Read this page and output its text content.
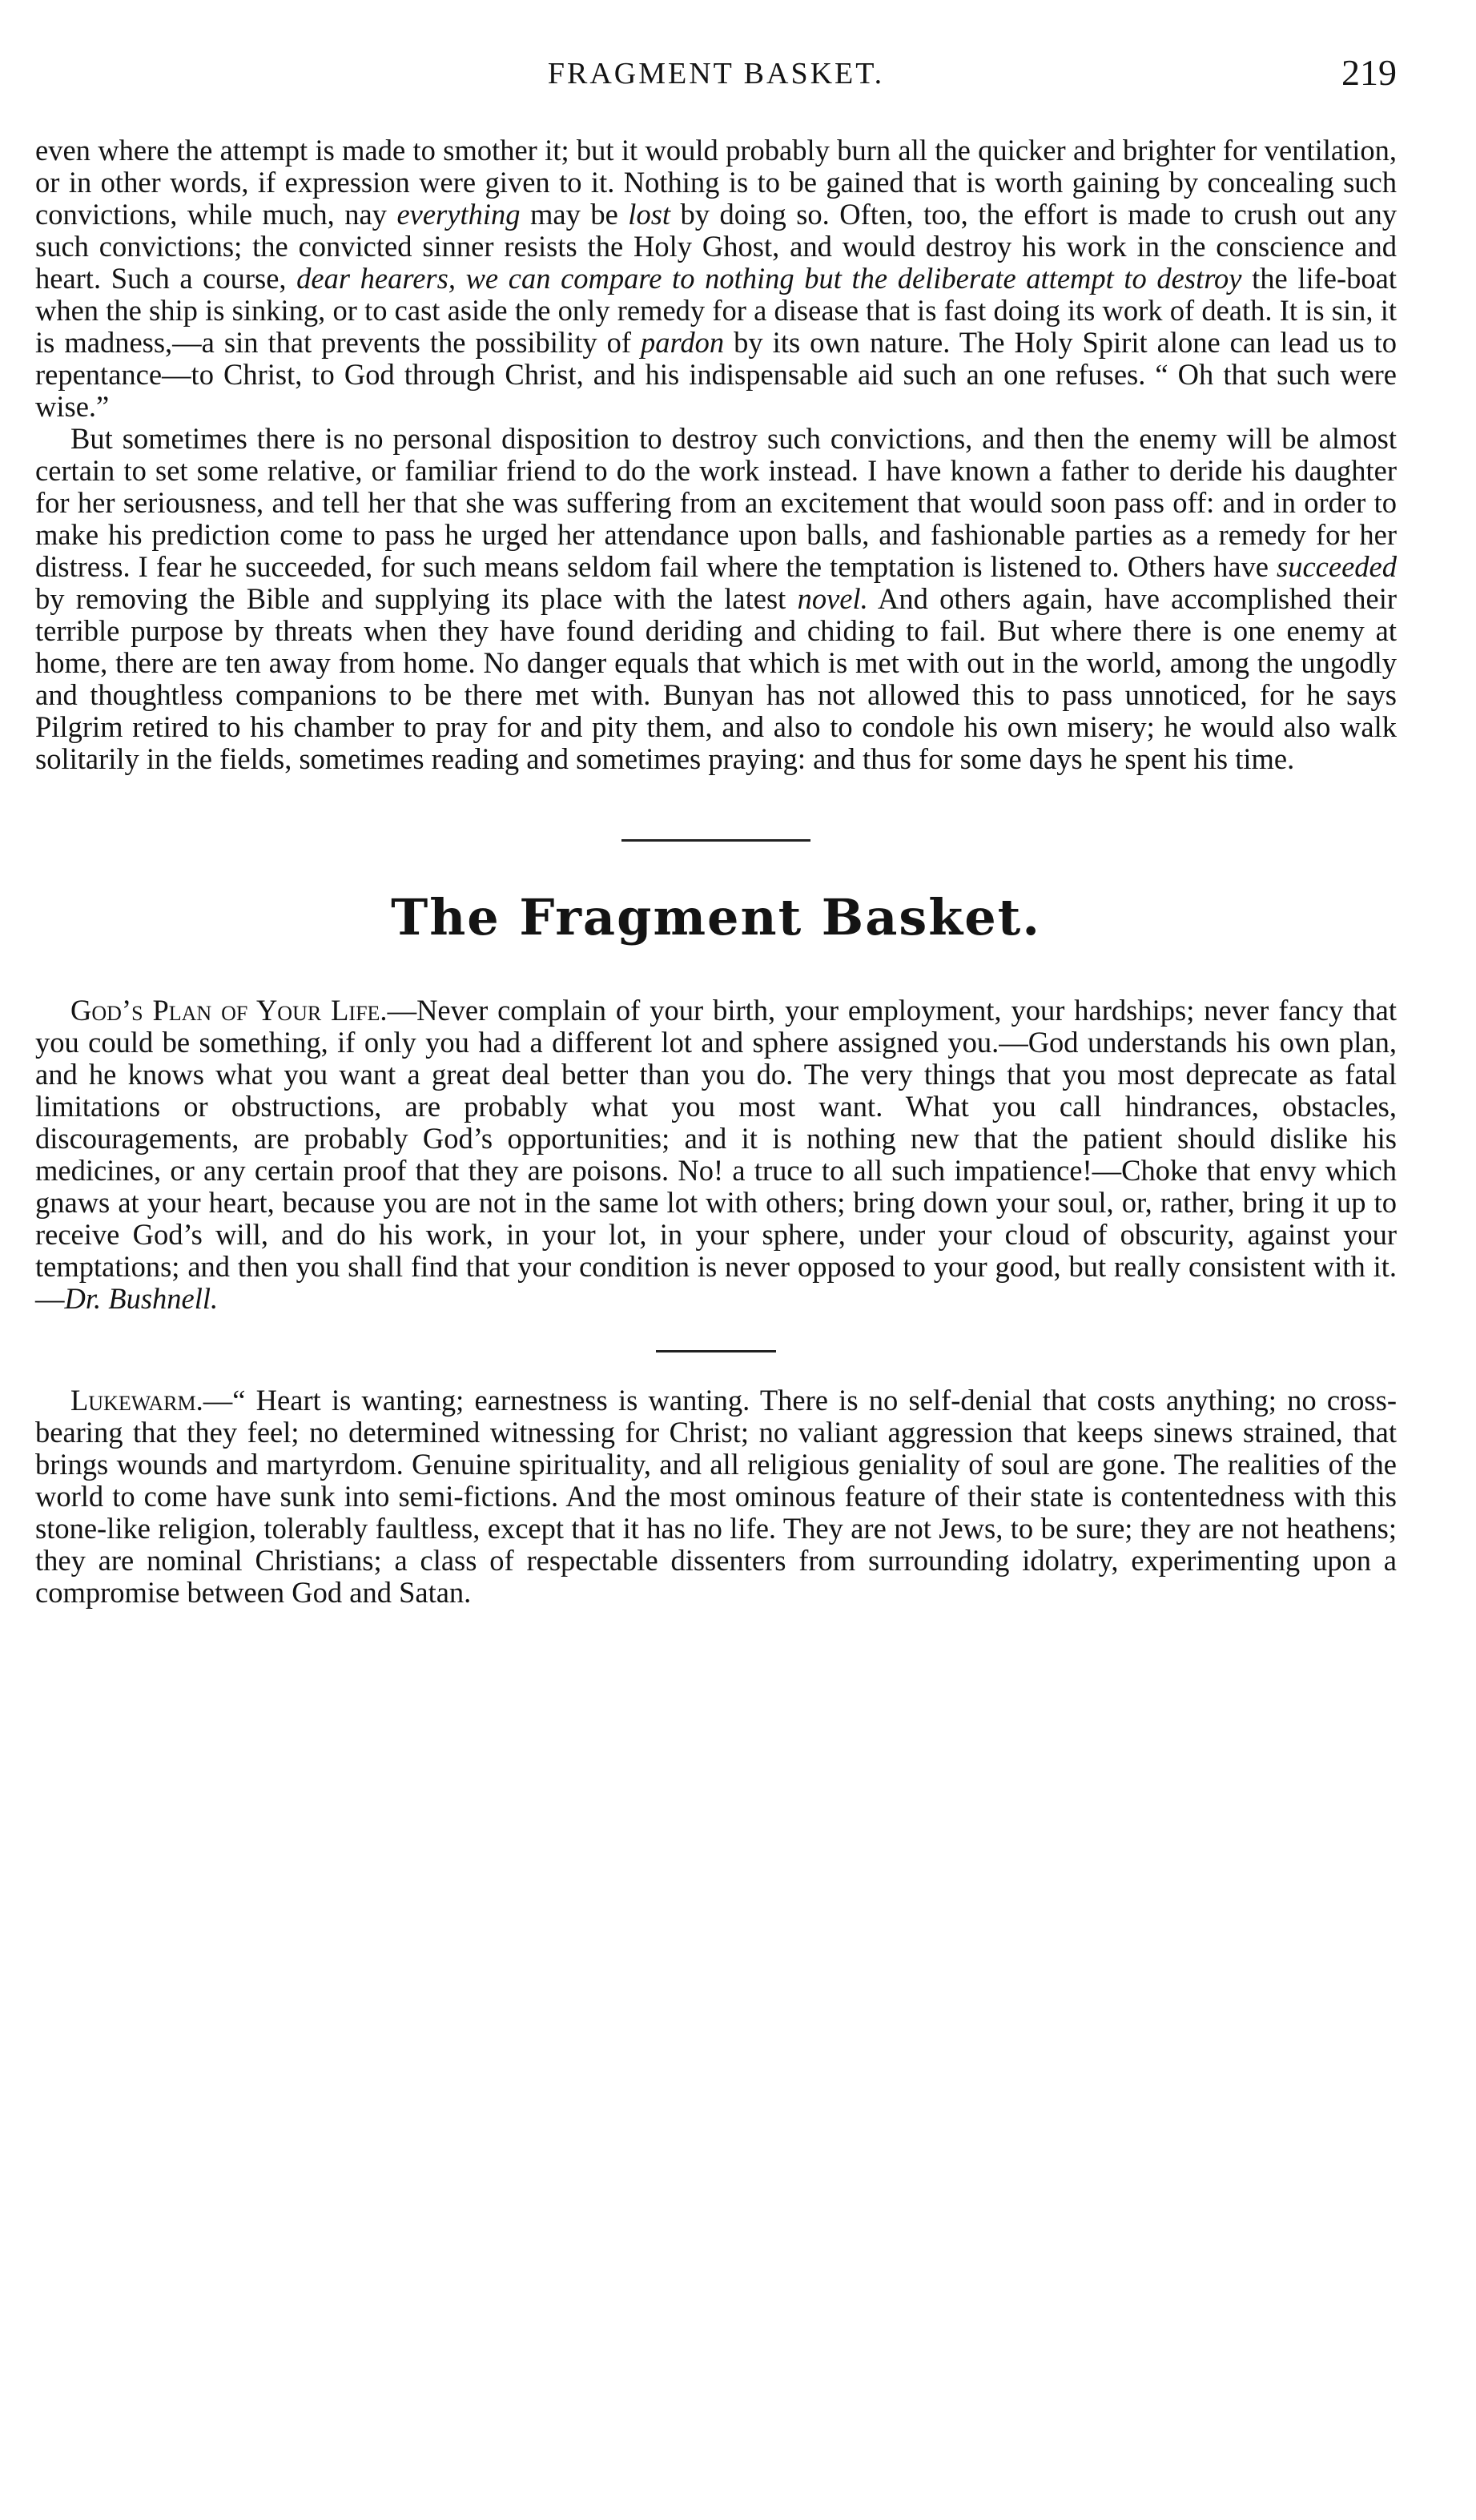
FRAGMENT BASKET.	219

even where the attempt is made to smother it; but it would probably burn all the quicker and brighter for ventilation, or in other words, if expression were given to it. Nothing is to be gained that is worth gaining by concealing such convictions, while much, nay everything may be lost by doing so. Often, too, the effort is made to crush out any such convictions; the convicted sinner resists the Holy Ghost, and would destroy his work in the conscience and heart. Such a course, dear hearers, we can compare to nothing but the deliberate attempt to destroy the life-boat when the ship is sinking, or to cast aside the only remedy for a disease that is fast doing its work of death. It is sin, it is madness,—a sin that prevents the possibility of pardon by its own nature. The Holy Spirit alone can lead us to repentance—to Christ, to God through Christ, and his indispensable aid such an one refuses. “ Oh that such were wise.”

But sometimes there is no personal disposition to destroy such convictions, and then the enemy will be almost certain to set some relative, or familiar friend to do the work instead. I have known a father to deride his daughter for her seriousness, and tell her that she was suffering from an excitement that would soon pass off: and in order to make his prediction come to pass he urged her attendance upon balls, and fashionable parties as a remedy for her distress. I fear he succeeded, for such means seldom fail where the temptation is listened to. Others have succeeded by removing the Bible and supplying its place with the latest novel. And others again, have accomplished their terrible purpose by threats when they have found deriding and chiding to fail. But where there is one enemy at home, there are ten away from home. No danger equals that which is met with out in the world, among the ungodly and thoughtless companions to be there met with. Bunyan has not allowed this to pass unnoticed, for he says Pilgrim retired to his chamber to pray for and pity them, and also to condole his own misery; he would also walk solitarily in the fields, sometimes reading and sometimes praying: and thus for some days he spent his time.

The Fragment Basket.

God’s Plan of Your Life.—Never complain of your birth, your employment, your hardships; never fancy that you could be something, if only you had a different lot and sphere assigned you.—God understands his own plan, and he knows what you want a great deal better than you do. The very things that you most deprecate as fatal limitations or obstructions, are probably what you most want. What you call hindrances, obstacles, discouragements, are probably God’s opportunities; and it is nothing new that the patient should dislike his medicines, or any certain proof that they are poisons. No! a truce to all such impatience!—Choke that envy which gnaws at your heart, because you are not in the same lot with others; bring down your soul, or, rather, bring it up to receive God’s will, and do his work, in your lot, in your sphere, under your cloud of obscurity, against your temptations; and then you shall find that your condition is never opposed to your good, but really consistent with it.—Dr. Bushnell.

Lukewarm.—“ Heart is wanting; earnestness is wanting. There is no self-denial that costs anything; no cross-bearing that they feel; no determined witnessing for Christ; no valiant aggression that keeps sinews strained, that brings wounds and martyrdom. Genuine spirituality, and all religious geniality of soul are gone. The realities of the world to come have sunk into semi-fictions. And the most ominous feature of their state is contentedness with this stone-like religion, tolerably faultless, except that it has no life. They are not Jews, to be sure; they are not heathens; they are nominal Christians; a class of respectable dissenters from surrounding idolatry, experimenting upon a compromise between God and Satan.
